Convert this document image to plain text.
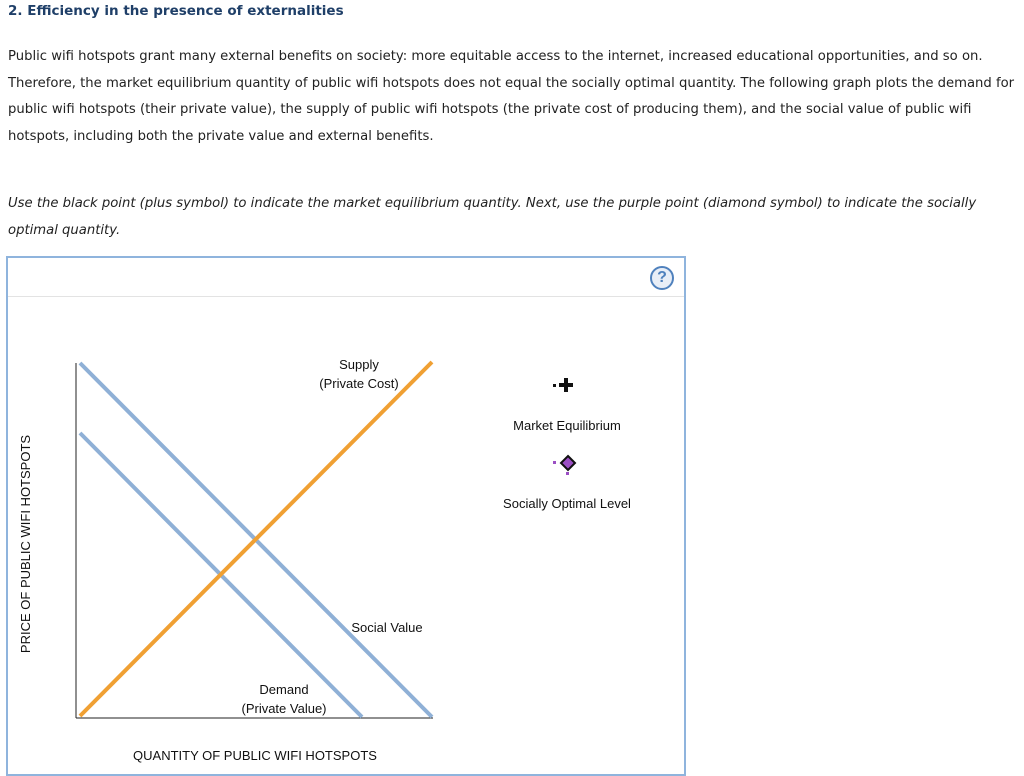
2. Efficiency in the presence of externalities

Public wifi hotspots grant many external benefits on society: more equitable access to the internet, increased educational opportunities, and so on. Therefore, the market equilibrium quantity of public wifi hotspots does not equal the socially optimal quantity. The following graph plots the demand for public wifi hotspots (their private value), the supply of public wifi hotspots (the private cost of producing them), and the social value of public wifi hotspots, including both the private value and external benefits.

Use the black point (plus symbol) to indicate the market equilibrium quantity. Next, use the purple point (diamond symbol) to indicate the socially optimal quantity.

?
Supply
(Private Cost)
Social Value
Demand
(Private Value)
PRICE OF PUBLIC WIFI HOTSPOTS
QUANTITY OF PUBLIC WIFI HOTSPOTS
Market Equilibrium
Socially Optimal Level
